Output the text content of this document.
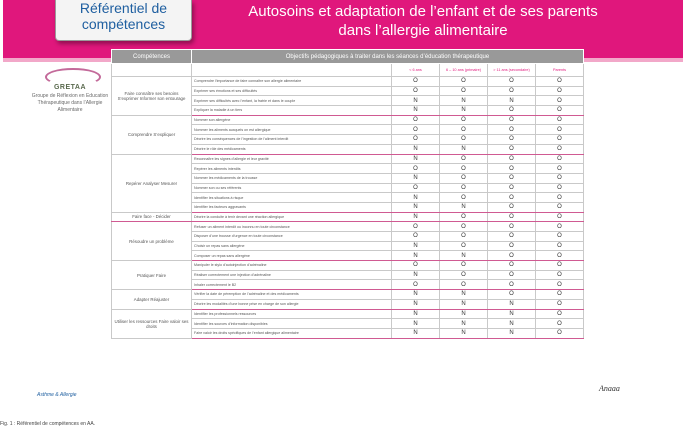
Autosoins et adaptation de l’enfant et de ses parents
dans l’allergie alimentaire
Référentiel de
compétences
GRETAA
Groupe de Réflexion en Education Thérapeutique dans l’Allergie Alimentaire
Asthme & Allergie
Compétences	Objectifs pédagogiques à traiter dans les séances d’éducation thérapeutique				
		< 6 ans	6 – 10 ans (primaire)	> 11 ans (secondaire)	Parents
Faire connaître ses besoins S’exprimer Informer son entourage	Comprendre l’importance de faire connaître son allergie alimentaire	O	O	O	O
	Exprimer ses émotions et ses difficultés	O	O	O	O
	Exprimer ses difficultés avec l’enfant, la fratrie et dans le couple	N	N	N	O
	Expliquer la maladie à un tiers	N	N	O	O
Comprendre S’expliquer	Nommer son allergène	O	O	O	O
	Nommer les aliments auxquels on est allergique	O	O	O	O
	Décrire les conséquences de l’ingestion de l’aliment interdit	O	O	O	O
	Décrire le rôle des médicaments	N	N	O	O
Repérer Analyser Mesurer	Reconnaître les signes d’allergie et leur gravité	N	O	O	O
	Repérer les aliments interdits	O	O	O	O
	Nommer les médicaments de la trousse	N	O	O	O
	Nommer son ou ses référents	O	O	O	O
	Identifier les situations à risque	N	O	O	O
	Identifier les facteurs aggravants	N	N	O	O
Faire face - Décider	Décrire la conduite à tenir devant une réaction allergique	N	O	O	O
Résoudre un problème	Refuser un aliment interdit ou inconnu en toute circonstance	O	O	O	O
	Disposer d’une trousse d’urgence en toute circonstance	O	O	O	O
	Choisir un repas sans allergène	N	O	O	O
	Composer un repas sans allergène	N	N	O	O
Pratiquer Faire	Manipuler le stylo d’autoinjection d’adrénaline	O	O	O	O
	Réaliser correctement une injection d’adrénaline	N	O	O	O
	Inhaler correctement le B2	O	O	O	O
Adapter Réajuster	Vérifier la date de péremption de l’adrénaline et des médicaments	N	N	O	O
	Décrire les modalités d’une bonne prise en charge de son allergie	N	N	N	O
Utiliser les ressources Faire valoir ses droits	Identifier les professionnels ressources	N	N	N	O
	Identifier les sources d’information disponibles	N	N	N	O
	Faire valoir les droits spécifiques de l’enfant allergique alimentaire	N	N	N	O
Anaaa
Fig. 1 : Référentiel de compétences en AA.
